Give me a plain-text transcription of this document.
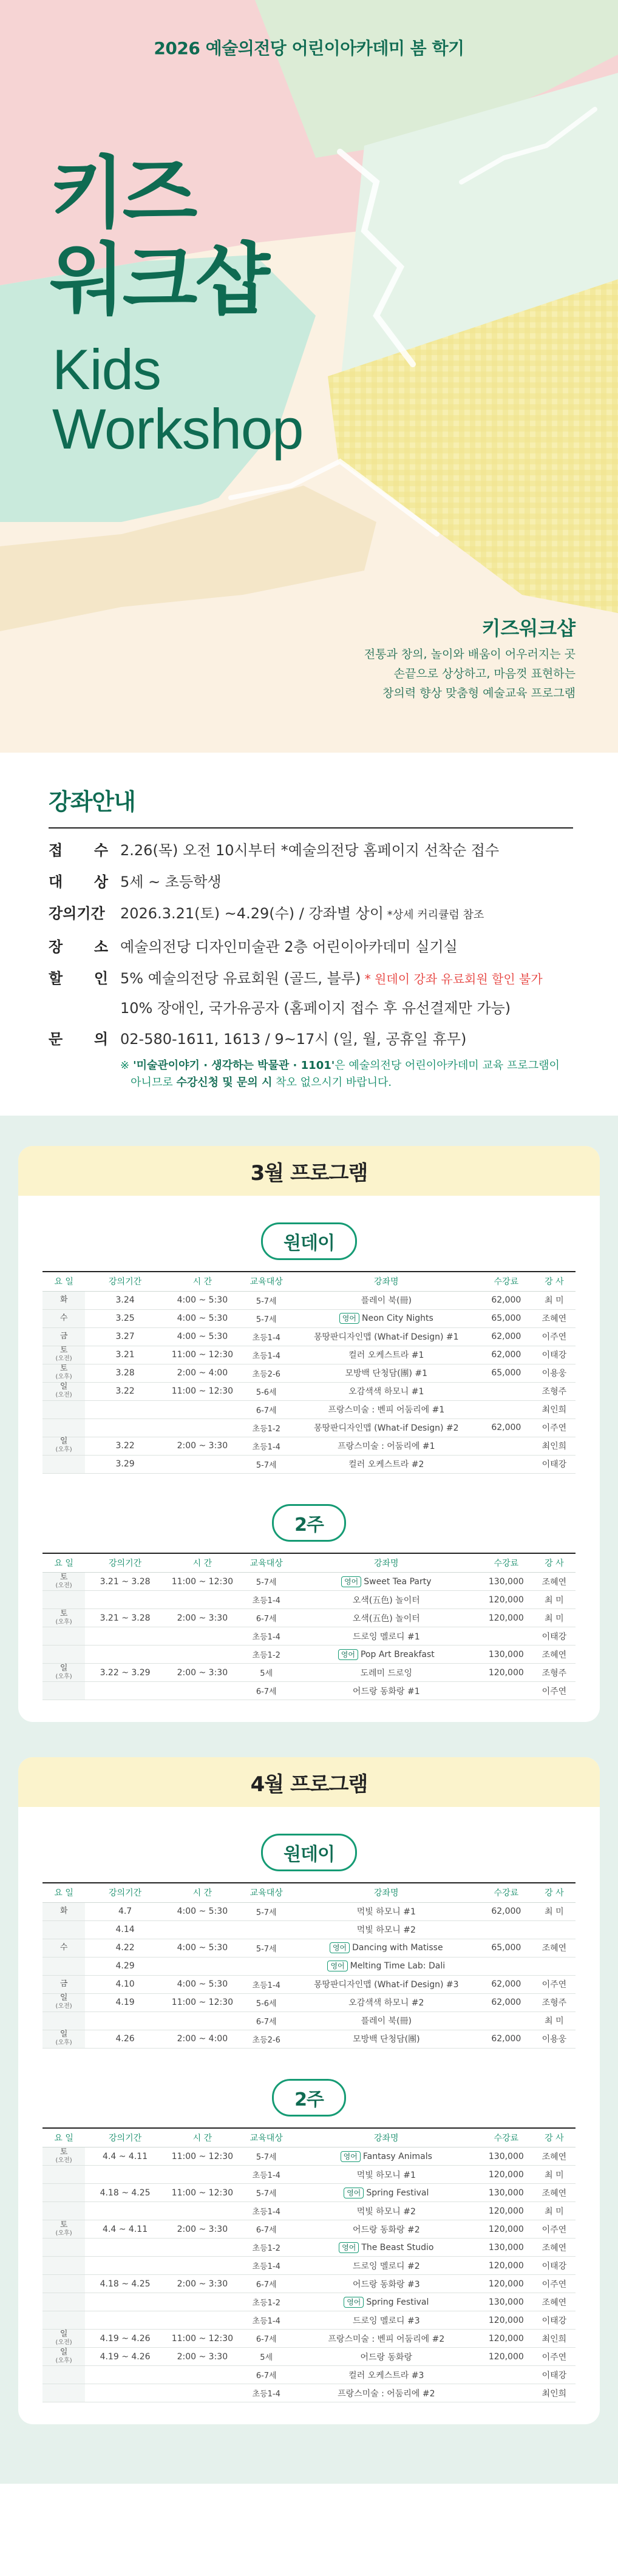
2026 예술의전당 어린이아카데미 봄 학기
키즈
워크샵
Kids
Workshop
키즈워크샵
전통과 창의, 놀이와 배움이 어우러지는 곳
손끝으로 상상하고, 마음껏 표현하는
창의력 향상 맞춤형 예술교육 프로그램
강좌안내
접 수 2.26(목) 오전 10시부터 *예술의전당 홈페이지 선착순 접수
대 상 5세 ~ 초등학생
강의기간	2026.3.21(토) ~4.29(수) / 강좌별 상이 *상세 커리큘럼 참조
장 소 예술의전당 디자인미술관 2층 어린이아카데미 실기실
할 인 5% 예술의전당 유료회원 (골드, 블루) * 원데이 강좌 유료회원 할인 불가
10% 장애인, 국가유공자 (홈페이지 접수 후 유선결제만 가능)
문 의 02-580-1611, 1613 / 9~17시 (일, 월, 공휴일 휴무)
※ '미술관이야기 · 생각하는 박물관 · 1101'은 예술의전당 어린이아카데미 교육 프로그램이
아니므로 수강신청 및 문의 시 착오 없으시기 바랍니다.
3월 프로그램
원데이
요 일	강의기간	시 간	교육대상	강좌명	수강료	강 사
화	3.24	4:00 ~ 5:30	5-7세	플레이 북(冊)	62,000	최 미
수	3.25	4:00 ~ 5:30	5-7세	영어 Neon City Nights	65,000	조혜연
금	3.27	4:00 ~ 5:30	초등1-4	몽땅판디자인맵 (What-if Design) #1	62,000	이주연
토
(오전)	3.21	11:00 ~ 12:30	초등1-4	컬러 오케스트라 #1	62,000	이태강
토
(오후)	3.28	2:00 ~ 4:00	초등2-6	모방백 단청담(團) #1	65,000	이용웅
일
(오전)	3.22	11:00 ~ 12:30	5-6세	오감색색 하모니 #1		조형주
			6-7세	프랑스미술 : 벤피 어둠리에 #1		최인희
			초등1-2	몽땅판디자인맵 (What-if Design) #2	62,000	이주연
일
(오후)	3.22	2:00 ~ 3:30	초등1-4	프랑스미술 : 어둠리에 #1		최인희
	3.29		5-7세	컬러 오케스트라 #2		이태강
2주
요 일	강의기간	시 간	교육대상	강좌명	수강료	강 사
토
(오전)	3.21 ~ 3.28	11:00 ~ 12:30	5-7세	영어 Sweet Tea Party	130,000	조혜연
			초등1-4	오색(五色) 놀이터	120,000	최 미
토
(오후)	3.21 ~ 3.28	2:00 ~ 3:30	6-7세	오색(五色) 놀이터	120,000	최 미
			초등1-4	드로잉 멜로디 #1		이태강
			초등1-2	영어 Pop Art Breakfast	130,000	조혜연
일
(오후)	3.22 ~ 3.29	2:00 ~ 3:30	5세	도레미 드로잉	120,000	조형주
			6-7세	어드랑 동화랑 #1		이주연
4월 프로그램
원데이
요 일	강의기간	시 간	교육대상	강좌명	수강료	강 사
화	4.7	4:00 ~ 5:30	5-7세	먹빛 하모니 #1	62,000	최 미
	4.14			먹빛 하모니 #2		
수	4.22	4:00 ~ 5:30	5-7세	영어 Dancing with Matisse	65,000	조혜연
	4.29			영어 Melting Time Lab: Dali		
금	4.10	4:00 ~ 5:30	초등1-4	몽땅판디자인맵 (What-if Design) #3	62,000	이주연
일
(오전)	4.19	11:00 ~ 12:30	5-6세	오감색색 하모니 #2	62,000	조형주
			6-7세	플레이 북(冊)		최 미
일
(오후)	4.26	2:00 ~ 4:00	초등2-6	모방백 단청담(團)	62,000	이용웅
2주
요 일	강의기간	시 간	교육대상	강좌명	수강료	강 사
토
(오전)	4.4 ~ 4.11	11:00 ~ 12:30	5-7세	영어 Fantasy Animals	130,000	조혜연
			초등1-4	먹빛 하모니 #1	120,000	최 미
	4.18 ~ 4.25	11:00 ~ 12:30	5-7세	영어 Spring Festival	130,000	조혜연
			초등1-4	먹빛 하모니 #2	120,000	최 미
토
(오후)	4.4 ~ 4.11	2:00 ~ 3:30	6-7세	어드랑 동화랑 #2	120,000	이주연
			초등1-2	영어 The Beast Studio	130,000	조혜연
			초등1-4	드로잉 멜로디 #2	120,000	이태강
	4.18 ~ 4.25	2:00 ~ 3:30	6-7세	어드랑 동화랑 #3	120,000	이주연
			초등1-2	영어 Spring Festival	130,000	조혜연
			초등1-4	드로잉 멜로디 #3	120,000	이태강
일
(오전)	4.19 ~ 4.26	11:00 ~ 12:30	6-7세	프랑스미술 : 벤피 어둠리에 #2	120,000	최인희
일
(오후)	4.19 ~ 4.26	2:00 ~ 3:30	5세	어드랑 동화랑	120,000	이주연
			6-7세	컬러 오케스트라 #3		이태강
			초등1-4	프랑스미술 : 어둠리에 #2		최인희
